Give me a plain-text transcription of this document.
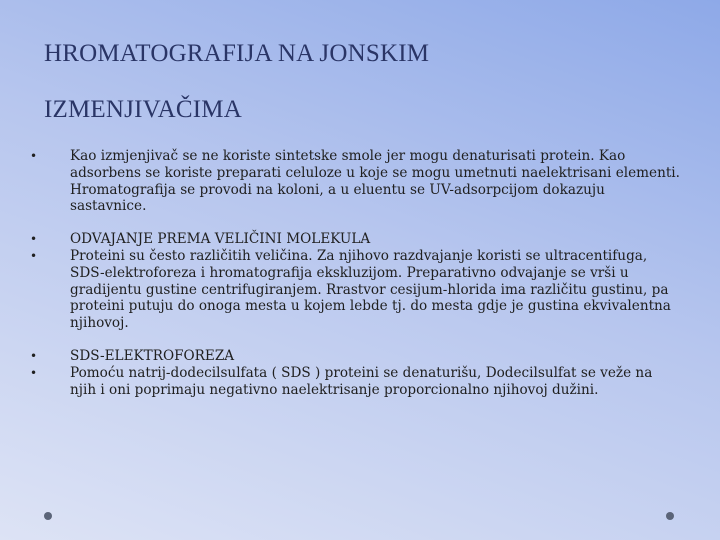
HROMATOGRAFIJA NA JONSKIM
IZMENJIVAČIMA
•	Kao izmjenjivač se ne koriste sintetske smole jer mogu denaturisati protein. Kao adsorbens se koriste preparati celuloze u koje se mogu umetnuti naelektrisani elementi. Hromatografija se provodi na koloni, a u eluentu se UV-adsorpcijom dokazuju sastavnice.
•	ODVAJANJE PREMA VELIČINI MOLEKULA
•	Proteini su često različitih veličina. Za njihovo razdvajanje koristi se ultracentifuga, SDS-elektroforeza i hromatografija ekskluzijom. Preparativno odvajanje se vrši u gradijentu gustine centrifugiranjem. Rrastvor cesijum-hlorida ima različitu gustinu, pa proteini putuju do onoga mesta u kojem lebde tj. do mesta gdje je gustina ekvivalentna njihovoj.
•	SDS-ELEKTROFOREZA
•	Pomoću natrij-dodecilsulfata ( SDS ) proteini se denaturišu, Dodecilsulfat se veže na njih i oni poprimaju negativno naelektrisanje proporcionalno njihovoj dužini.
